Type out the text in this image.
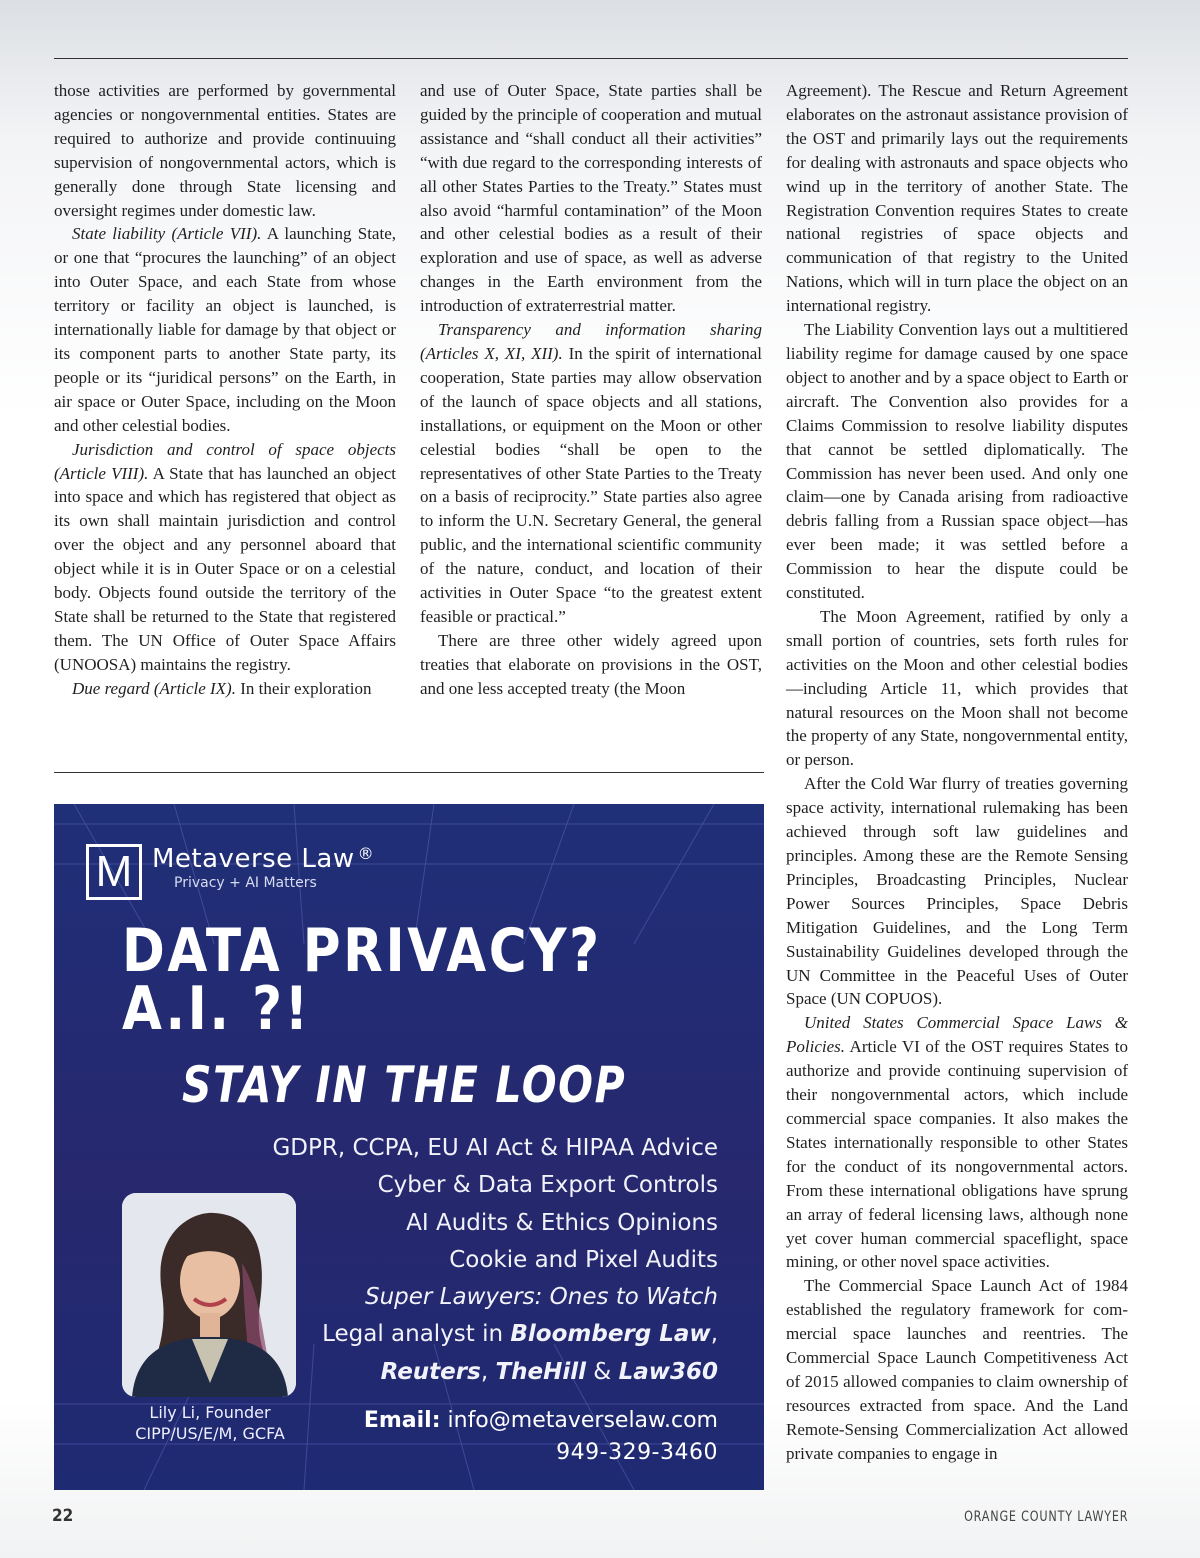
those activities are performed by governmental agencies or nongovernmental entities. States are required to authorize and provide continuuing supervision of nongovernmental actors, which is generally done through State licensing and oversight regimes under domestic law.

State liability (Article VII). A launching State, or one that “procures the launching” of an object into Outer Space, and each State from whose territory or facility an object is launched, is internationally liable for damage by that object or its component parts to another State party, its people or its “juridical persons” on the Earth, in air space or Outer Space, including on the Moon and other celestial bodies.

Jurisdiction and control of space objects (Article VIII). A State that has launched an object into space and which has registered that object as its own shall maintain jurisdiction and control over the object and any personnel aboard that object while it is in Outer Space or on a celestial body. Objects found outside the territory of the State shall be returned to the State that registered them. The UN Office of Outer Space Affairs (UNOOSA) maintains the registry.

Due regard (Article IX). In their exploration

and use of Outer Space, State parties shall be guided by the principle of cooperation and mutual assistance and “shall conduct all their activities” “with due regard to the corresponding interests of all other States Parties to the Treaty.” States must also avoid “harmful contamination” of the Moon and other celestial bodies as a result of their exploration and use of space, as well as adverse changes in the Earth environment from the introduction of extraterrestrial matter.

Transparency and information sharing (Articles X, XI, XII). In the spirit of international cooperation, State parties may allow observation of the launch of space objects and all stations, installations, or equipment on the Moon or other celestial bodies “shall be open to the representatives of other State Parties to the Treaty on a basis of reciprocity.” State parties also agree to inform the U.N. Secretary General, the general public, and the international scientific community of the nature, conduct, and location of their activities in Outer Space “to the greatest extent feasible or practical.”

There are three other widely agreed upon treaties that elaborate on provisions in the OST, and one less accepted treaty (the Moon

Agreement). The Rescue and Return Agreement elaborates on the astronaut assistance provision of the OST and primarily lays out the requirements for dealing with astronauts and space objects who wind up in the territory of another State. The Registration Convention requires States to create national registries of space objects and communication of that registry to the United Nations, which will in turn place the object on an international registry.

The Liability Convention lays out a multitiered liability regime for damage caused by one space object to another and by a space object to Earth or aircraft. The Convention also provides for a Claims Commission to resolve liability disputes that cannot be settled diplomatically. The Commission has never been used. And only one claim—one by Canada arising from radioactive debris falling from a Russian space object—has ever been made; it was settled before a Commission to hear the dispute could be constituted.

The Moon Agreement, ratified by only a small portion of countries, sets forth rules for activities on the Moon and other celestial bodies—including Article 11, which provides that natural resources on the Moon shall not become the property of any State, nongovernmental entity, or person.

After the Cold War flurry of treaties governing space activity, international rulemaking has been achieved through soft law guidelines and principles. Among these are the Remote Sensing Principles, Broadcasting Principles, Nuclear Power Sources Principles, Space Debris Mitigation Guidelines, and the Long Term Sustainability Guidelines developed through the UN Committee in the Peaceful Uses of Outer Space (UN COPUOS).

United States Commercial Space Laws & Policies. Article VI of the OST requires States to authorize and provide continuing supervision of their nongovernmental actors, which include commercial space companies. It also makes the States internationally responsible to other States for the conduct of its nongovernmental actors. From these international obligations have sprung an array of federal licensing laws, although none yet cover human commercial spaceflight, space mining, or other novel space activities.

The Commercial Space Launch Act of 1984 established the regulatory framework for commercial space launches and reentries. The Commercial Space Launch Competitiveness Act of 2015 allowed companies to claim ownership of resources extracted from space. And the Land Remote-Sensing Commercialization Act allowed private companies to engage in

M Metaverse Law ®
Privacy + AI Matters
DATA PRIVACY?
A.I. ?!
STAY IN THE LOOP
GDPR, CCPA, EU AI Act & HIPAA Advice
Cyber & Data Export Controls
AI Audits & Ethics Opinions
Cookie and Pixel Audits
Super Lawyers: Ones to Watch
Legal analyst in Bloomberg Law,
Reuters, TheHill & Law360
Lily Li, Founder
CIPP/US/E/M, GCFA
Email: info@metaverselaw.com
949-329-3460
22	ORANGE COUNTY LAWYER
